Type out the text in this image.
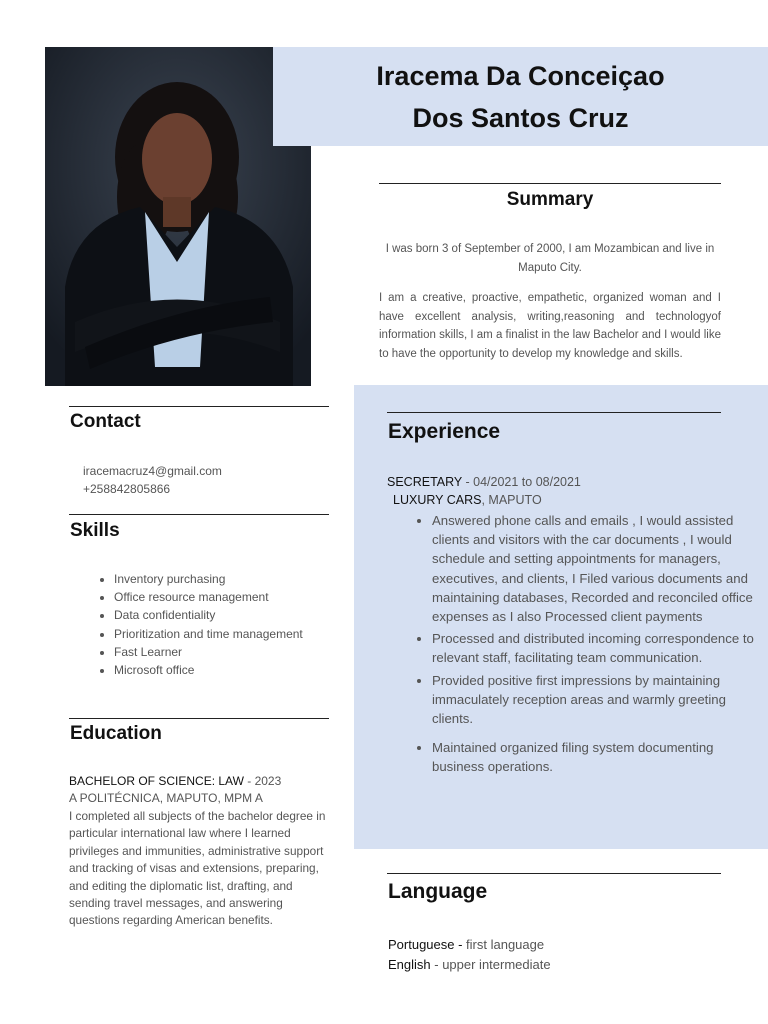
Iracema Da Conceiçao
Dos Santos Cruz
Summary
I was born 3 of September of 2000, I am Mozambican and live in Maputo City.
I am a creative, proactive, empathetic, organized woman and I have excellent analysis, writing,reasoning and technologyof information skills, I am a finalist in the law Bachelor and I would like to have the opportunity to develop my knowledge and skills.
Contact
iracemacruz4@gmail.com
+258842805866
Skills
• Inventory purchasing
• Office resource management
• Data confidentiality
• Prioritization and time management
• Fast Learner
• Microsoft office
Education
BACHELOR OF SCIENCE: LAW - 2023
A POLITÉCNICA, MAPUTO, MPM A
I completed all subjects of the bachelor degree in particular international law where I learned privileges and immunities, administrative support and tracking of visas and extensions, preparing, and editing the diplomatic list, drafting, and sending travel messages, and answering questions regarding American benefits.
Experience
SECRETARY - 04/2021 to 08/2021
LUXURY CARS, MAPUTO
• Answered phone calls and emails , I would assisted clients and visitors with the car documents , I would schedule and setting appointments for managers, executives, and clients, I Filed various documents and maintaining databases, Recorded and reconciled office expenses as I also Processed client payments
• Processed and distributed incoming correspondence to relevant staff, facilitating team communication.
• Provided positive first impressions by maintaining immaculately reception areas and warmly greeting clients.
• Maintained organized filing system documenting business operations.
Language
Portuguese - first language
English - upper intermediate
